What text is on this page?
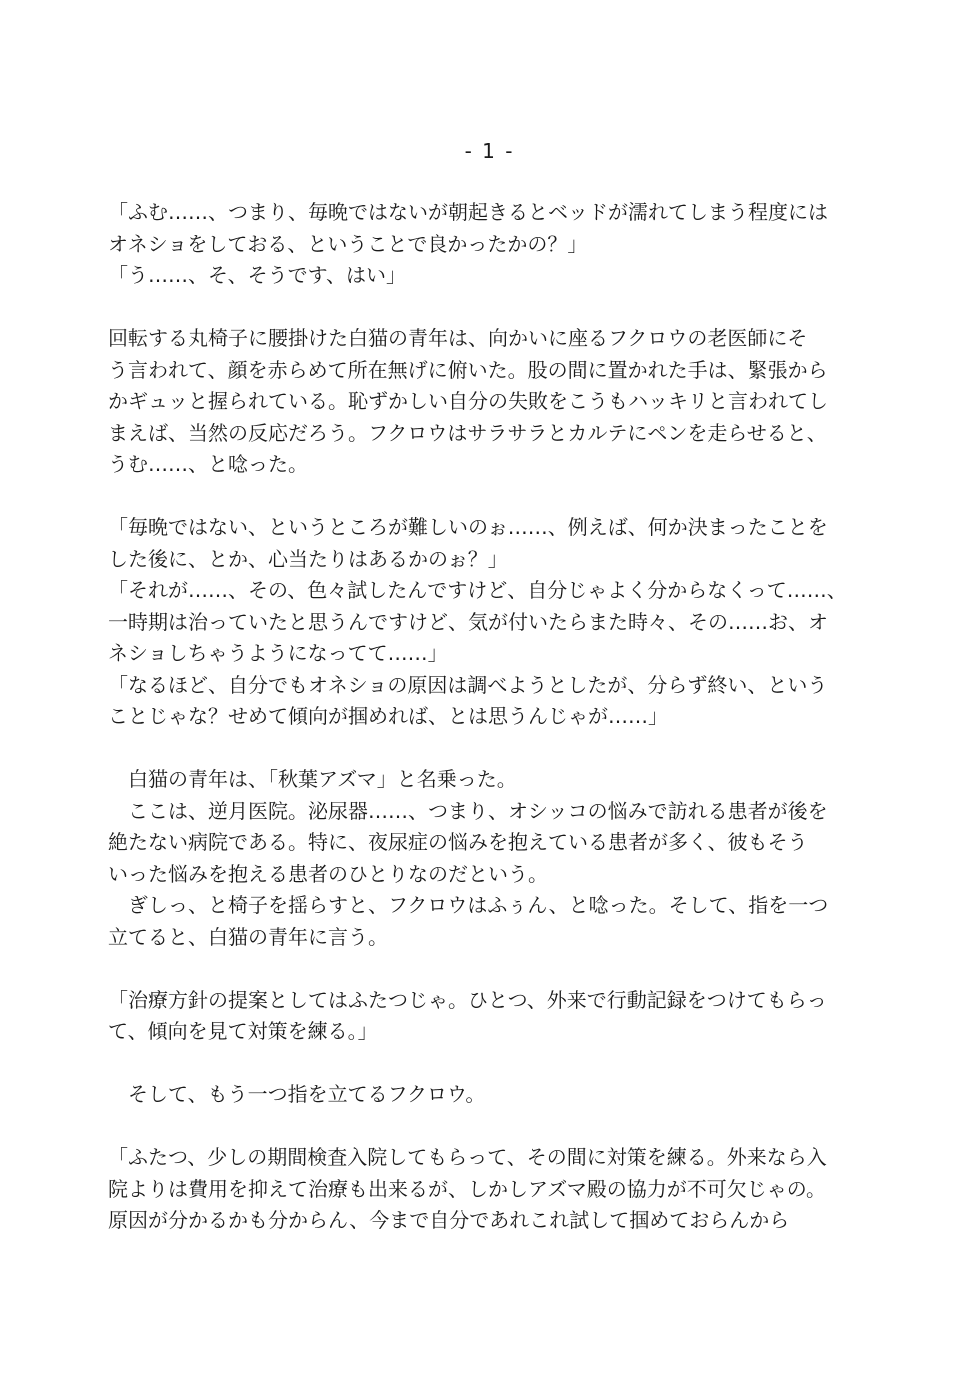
- 1 -
「ふむ……、つまり、毎晩ではないが朝起きるとベッドが濡れてしまう程度には
オネショをしておる、ということで良かったかの？」
「う……、そ、そうです、はい」
回転する丸椅子に腰掛けた白猫の青年は、向かいに座るフクロウの老医師にそ
う言われて、顔を赤らめて所在無げに俯いた。股の間に置かれた手は、緊張から
かギュッと握られている。恥ずかしい自分の失敗をこうもハッキリと言われてし
まえば、当然の反応だろう。フクロウはサラサラとカルテにペンを走らせると、
うむ……、と唸った。
「毎晩ではない、というところが難しいのぉ……、例えば、何か決まったことを
した後に、とか、心当たりはあるかのぉ？」
「それが……、その、色々試したんですけど、自分じゃよく分からなくって……、
一時期は治っていたと思うんですけど、気が付いたらまた時々、その……お、オ
ネショしちゃうようになってて……」
「なるほど、自分でもオネショの原因は調べようとしたが、分らず終い、という
ことじゃな？せめて傾向が掴めれば、とは思うんじゃが……」
　白猫の青年は、「秋葉アズマ」と名乗った。
　ここは、逆月医院。泌尿器……、つまり、オシッコの悩みで訪れる患者が後を
絶たない病院である。特に、夜尿症の悩みを抱えている患者が多く、彼もそう
いった悩みを抱える患者のひとりなのだという。
　ぎしっ、と椅子を揺らすと、フクロウはふぅん、と唸った。そして、指を一つ
立てると、白猫の青年に言う。
「治療方針の提案としてはふたつじゃ。ひとつ、外来で行動記録をつけてもらっ
て、傾向を見て対策を練る。」
　そして、もう一つ指を立てるフクロウ。
「ふたつ、少しの期間検査入院してもらって、その間に対策を練る。外来なら入
院よりは費用を抑えて治療も出来るが、しかしアズマ殿の協力が不可欠じゃの。
原因が分かるかも分からん、今まで自分であれこれ試して掴めておらんから
